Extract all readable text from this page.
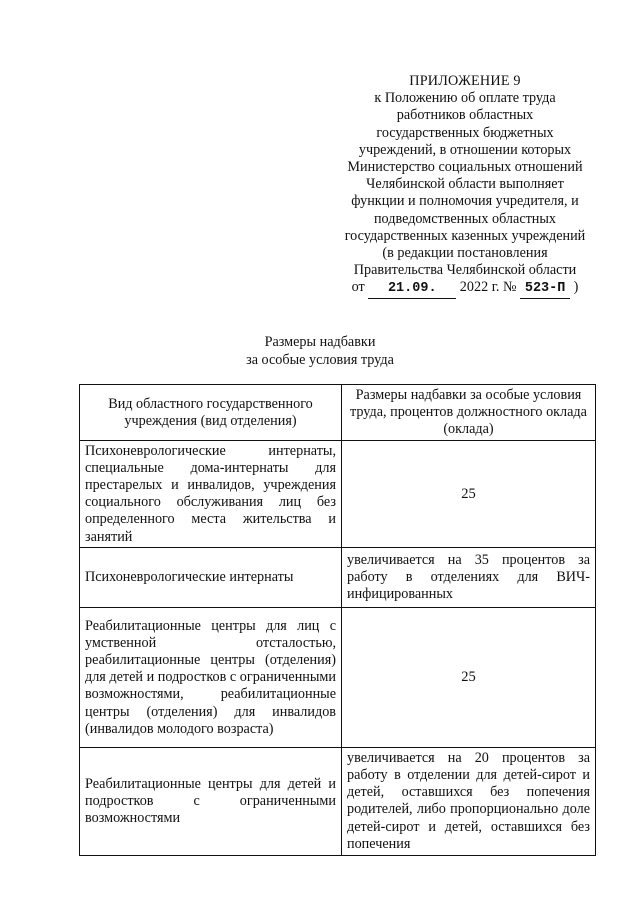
ПРИЛОЖЕНИЕ 9
к Положению об оплате труда
работников областных
государственных бюджетных
учреждений, в отношении которых
Министерство социальных отношений
Челябинской области выполняет
функции и полномочия учредителя, и
подведомственных областных
государственных казенных учреждений
(в редакции постановления
Правительства Челябинской области
от 21.09. 2022 г. № 523-П )
Размеры надбавки
за особые условия труда
Вид областного государственного учреждения (вид отделения)	Размеры надбавки за особые условия труда, процентов должностного оклада (оклада)
Психоневрологические интернаты, специальные дома-интернаты для престарелых и инвалидов, учреждения социального обслуживания лиц без определенного места жительства и занятий	25
Психоневрологические интернаты	увеличивается на 35 процентов за работу в отделениях для ВИЧ-инфицированных
Реабилитационные центры для лиц с умственной отсталостью, реабилитационные центры (отделения) для детей и подростков с ограниченными возможностями, реабилитационные центры (отделения) для инвалидов (инвалидов молодого возраста)	25
Реабилитационные центры для детей и подростков с ограниченными возможностями	увеличивается на 20 процентов за работу в отделении для детей-сирот и детей, оставшихся без попечения родителей, либо пропорционально доле детей-сирот и детей, оставшихся без попечения
